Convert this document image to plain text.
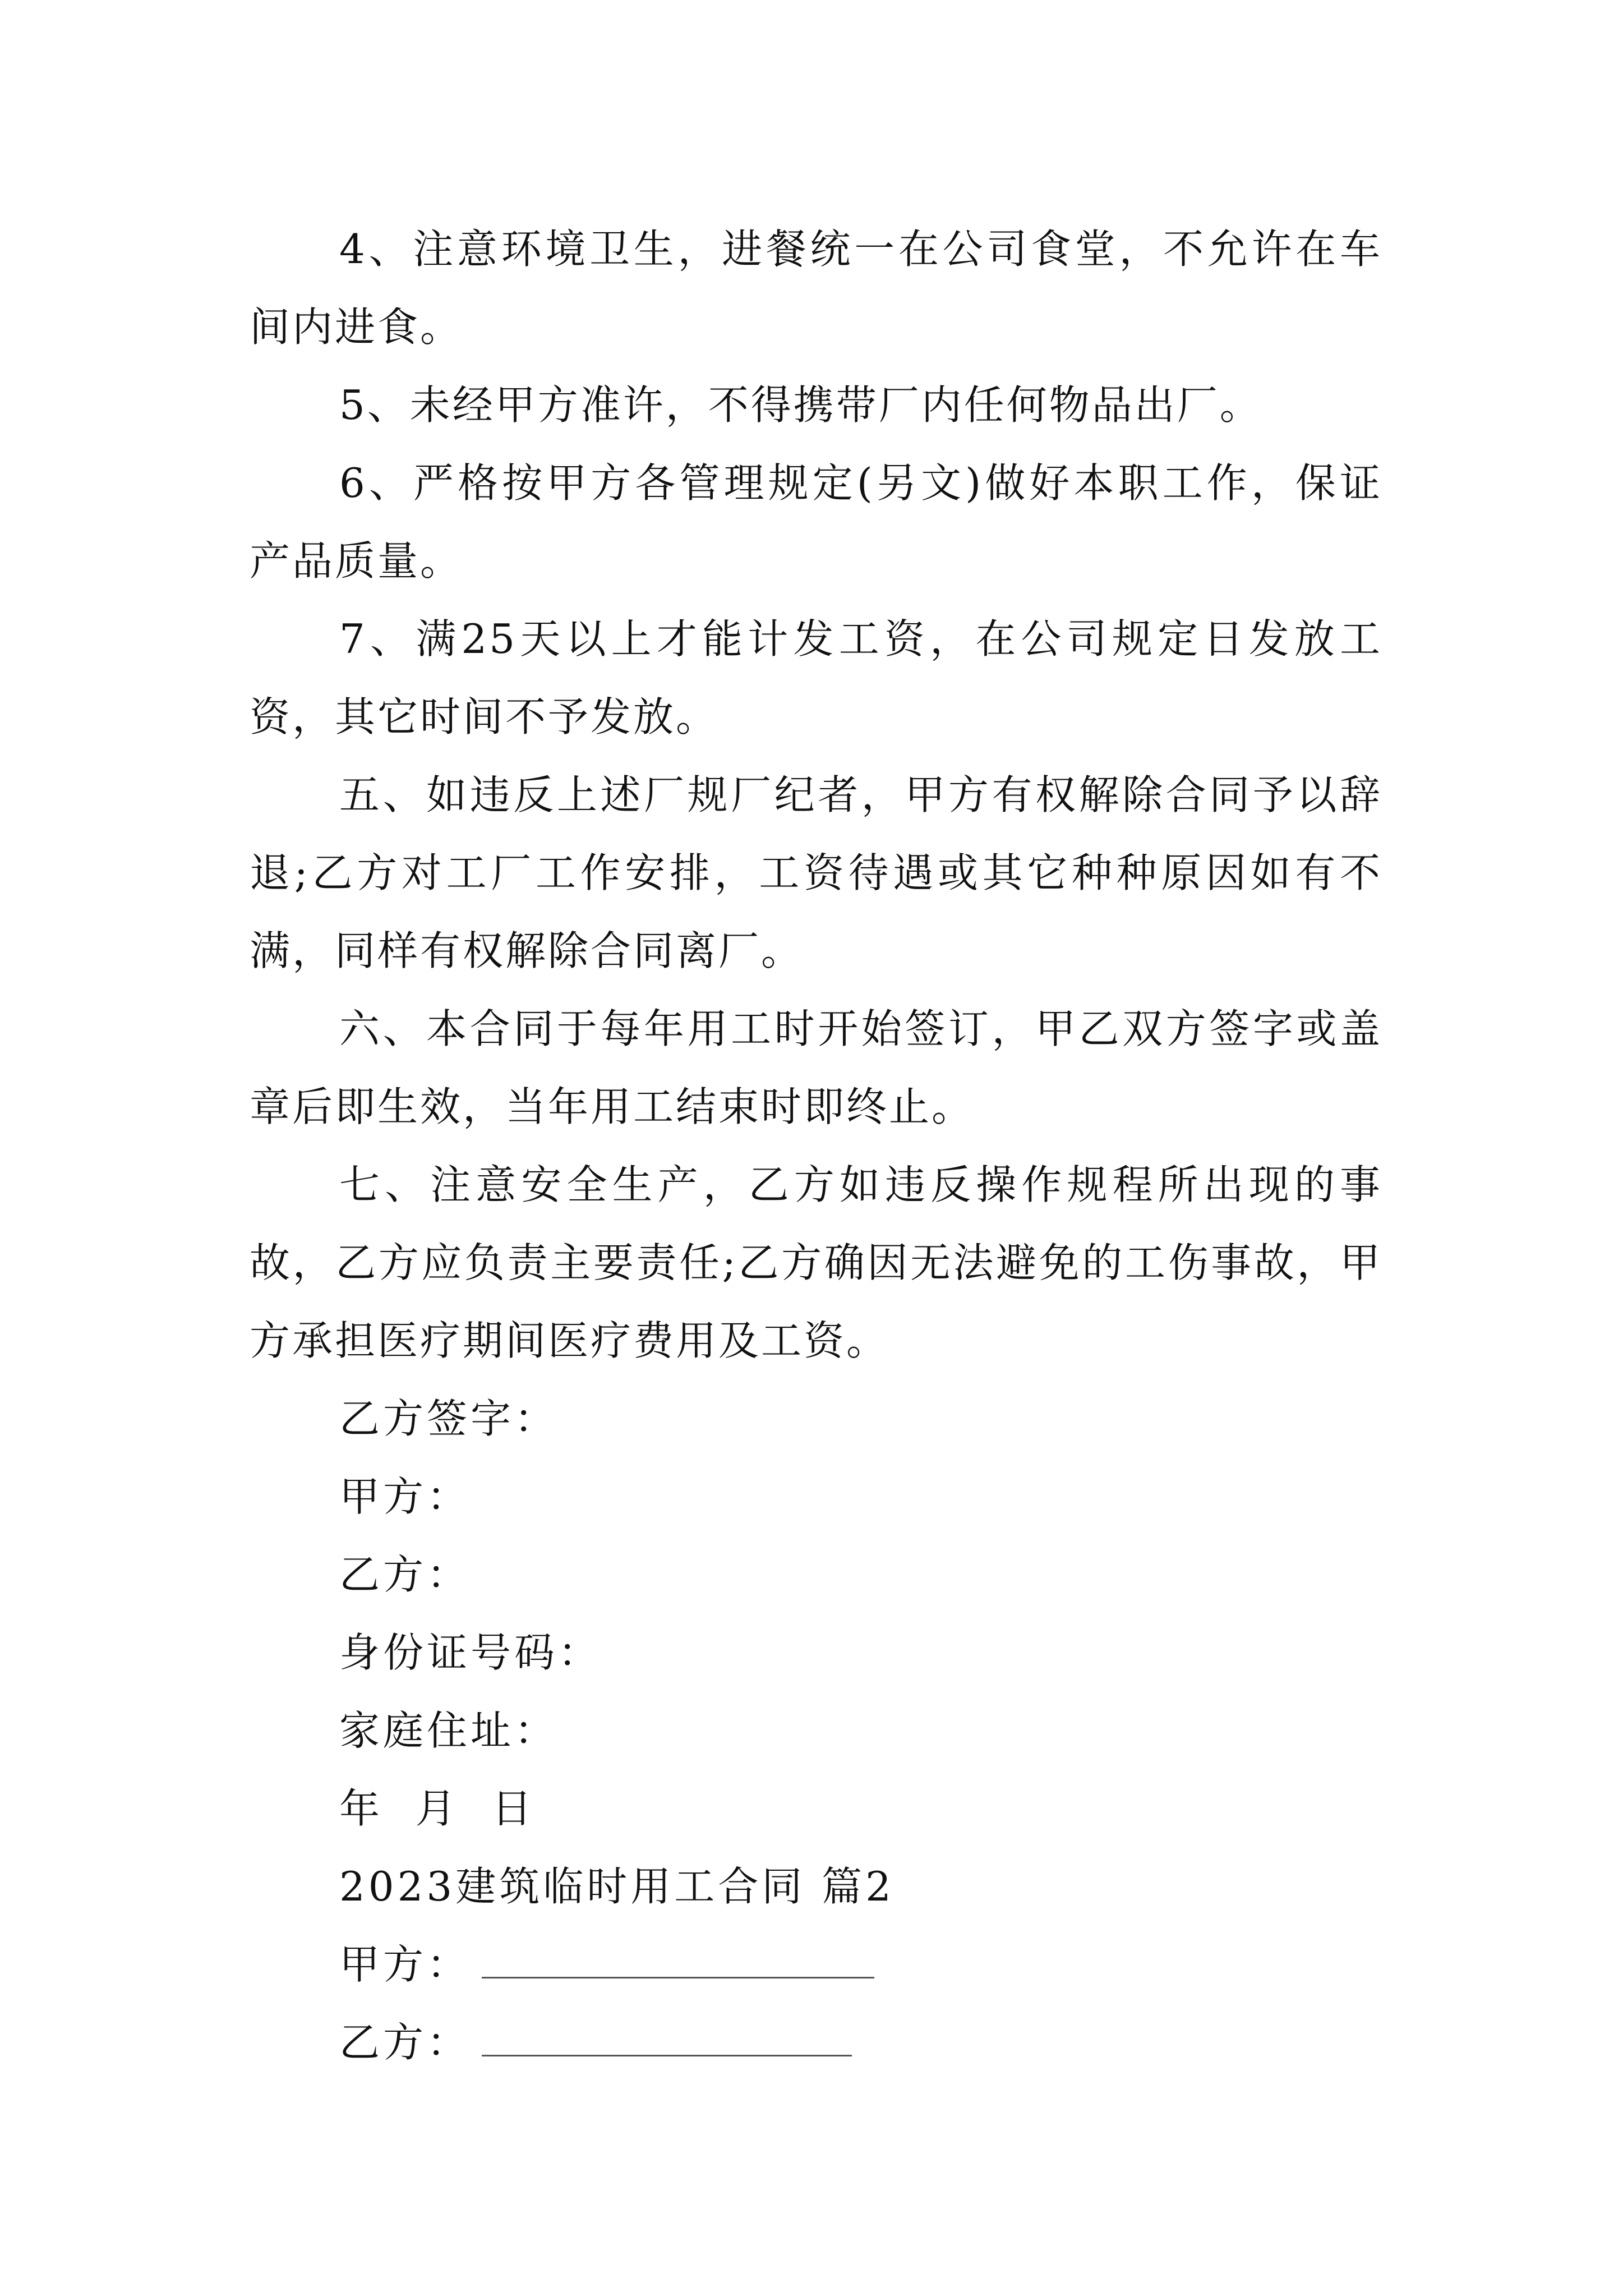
4、注意环境卫生，进餐统一在公司食堂，不允许在车间内进食。

5、未经甲方准许，不得携带厂内任何物品出厂。

6、严格按甲方各管理规定(另文)做好本职工作，保证产品质量。

7、满25天以上才能计发工资，在公司规定日发放工资，其它时间不予发放。

五、如违反上述厂规厂纪者，甲方有权解除合同予以辞退;乙方对工厂工作安排，工资待遇或其它种种原因如有不满，同样有权解除合同离厂。

六、本合同于每年用工时开始签订，甲乙双方签字或盖章后即生效，当年用工结束时即终止。

七、注意安全生产，乙方如违反操作规程所出现的事故，乙方应负责主要责任;乙方确因无法避免的工伤事故，甲方承担医疗期间医疗费用及工资。

乙方签字：

甲方：

乙方：

身份证号码：

家庭住址：

年  月  日

2023建筑临时用工合同 篇2

甲方：

乙方：
